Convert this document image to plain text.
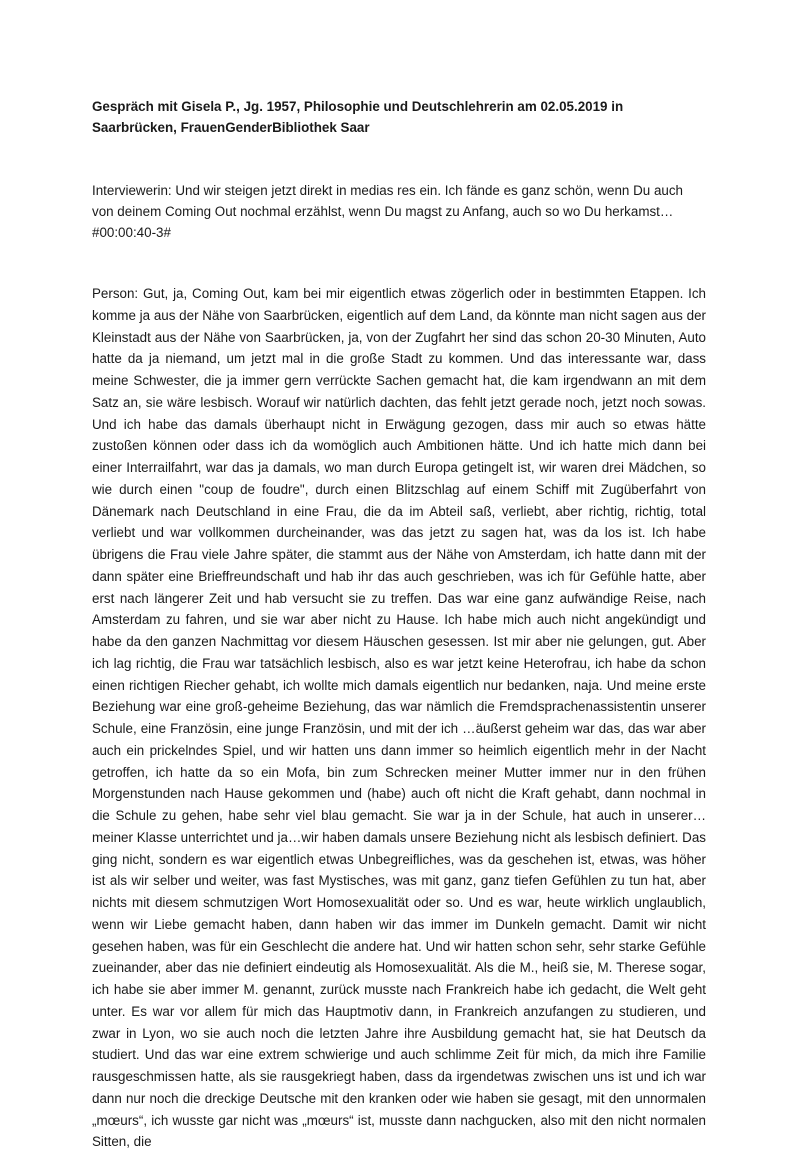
Gespräch mit Gisela P., Jg. 1957, Philosophie und Deutschlehrerin am 02.05.2019 in Saarbrücken, FrauenGenderBibliothek Saar

Interviewerin: Und wir steigen jetzt direkt in medias res ein. Ich fände es ganz schön, wenn Du auch von deinem Coming Out nochmal erzählst, wenn Du magst zu Anfang, auch so wo Du herkamst… #00:00:40-3#

Person: Gut, ja, Coming Out, kam bei mir eigentlich etwas zögerlich oder in bestimmten Etappen. Ich komme ja aus der Nähe von Saarbrücken, eigentlich auf dem Land, da könnte man nicht sagen aus der Kleinstadt aus der Nähe von Saarbrücken, ja, von der Zugfahrt her sind das schon 20-30 Minuten, Auto hatte da ja niemand, um jetzt mal in die große Stadt zu kommen. Und das interessante war, dass meine Schwester, die ja immer gern verrückte Sachen gemacht hat, die kam irgendwann an mit dem Satz an, sie wäre lesbisch. Worauf wir natürlich dachten, das fehlt jetzt gerade noch, jetzt noch sowas. Und ich habe das damals überhaupt nicht in Erwägung gezogen, dass mir auch so etwas hätte zustoßen können oder dass ich da womöglich auch Ambitionen hätte. Und ich hatte mich dann bei einer Interrailfahrt, war das ja damals, wo man durch Europa getingelt ist, wir waren drei Mädchen, so wie durch einen "coup de foudre", durch einen Blitzschlag auf einem Schiff mit Zugüberfahrt von Dänemark nach Deutschland in eine Frau, die da im Abteil saß, verliebt, aber richtig, richtig, total verliebt und war vollkommen durcheinander, was das jetzt zu sagen hat, was da los ist. Ich habe übrigens die Frau viele Jahre später, die stammt aus der Nähe von Amsterdam, ich hatte dann mit der dann später eine Brieffreundschaft und hab ihr das auch geschrieben, was ich für Gefühle hatte, aber erst nach längerer Zeit und hab versucht sie zu treffen. Das war eine ganz aufwändige Reise, nach Amsterdam zu fahren, und sie war aber nicht zu Hause. Ich habe mich auch nicht angekündigt und habe da den ganzen Nachmittag vor diesem Häuschen gesessen. Ist mir aber nie gelungen, gut. Aber ich lag richtig, die Frau war tatsächlich lesbisch, also es war jetzt keine Heterofrau, ich habe da schon einen richtigen Riecher gehabt, ich wollte mich damals eigentlich nur bedanken, naja. Und meine erste Beziehung war eine groß-geheime Beziehung, das war nämlich die Fremdsprachenassistentin unserer Schule, eine Französin, eine junge Französin, und mit der ich …äußerst geheim war das, das war aber auch ein prickelndes Spiel, und wir hatten uns dann immer so heimlich eigentlich mehr in der Nacht getroffen, ich hatte da so ein Mofa, bin zum Schrecken meiner Mutter immer nur in den frühen Morgenstunden nach Hause gekommen und (habe) auch oft nicht die Kraft gehabt, dann nochmal in die Schule zu gehen, habe sehr viel blau gemacht. Sie war ja in der Schule, hat auch in unserer…meiner Klasse unterrichtet und ja…wir haben damals unsere Beziehung nicht als lesbisch definiert. Das ging nicht, sondern es war eigentlich etwas Unbegreifliches, was da geschehen ist, etwas, was höher ist als wir selber und weiter, was fast Mystisches, was mit ganz, ganz tiefen Gefühlen zu tun hat, aber nichts mit diesem schmutzigen Wort Homosexualität oder so. Und es war, heute wirklich unglaublich, wenn wir Liebe gemacht haben, dann haben wir das immer im Dunkeln gemacht. Damit wir nicht gesehen haben, was für ein Geschlecht die andere hat. Und wir hatten schon sehr, sehr starke Gefühle zueinander, aber das nie definiert eindeutig als Homosexualität. Als die M., heiß sie, M. Therese sogar, ich habe sie aber immer M. genannt, zurück musste nach Frankreich habe ich gedacht, die Welt geht unter. Es war vor allem für mich das Hauptmotiv dann, in Frankreich anzufangen zu studieren, und zwar in Lyon, wo sie auch noch die letzten Jahre ihre Ausbildung gemacht hat, sie hat Deutsch da studiert. Und das war eine extrem schwierige und auch schlimme Zeit für mich, da mich ihre Familie rausgeschmissen hatte, als sie rausgekriegt haben, dass da irgendetwas zwischen uns ist und ich war dann nur noch die dreckige Deutsche mit den kranken oder wie haben sie gesagt, mit den unnormalen „mœurs“, ich wusste gar nicht was „mœurs“ ist, musste dann nachgucken, also mit den nicht normalen Sitten, die
